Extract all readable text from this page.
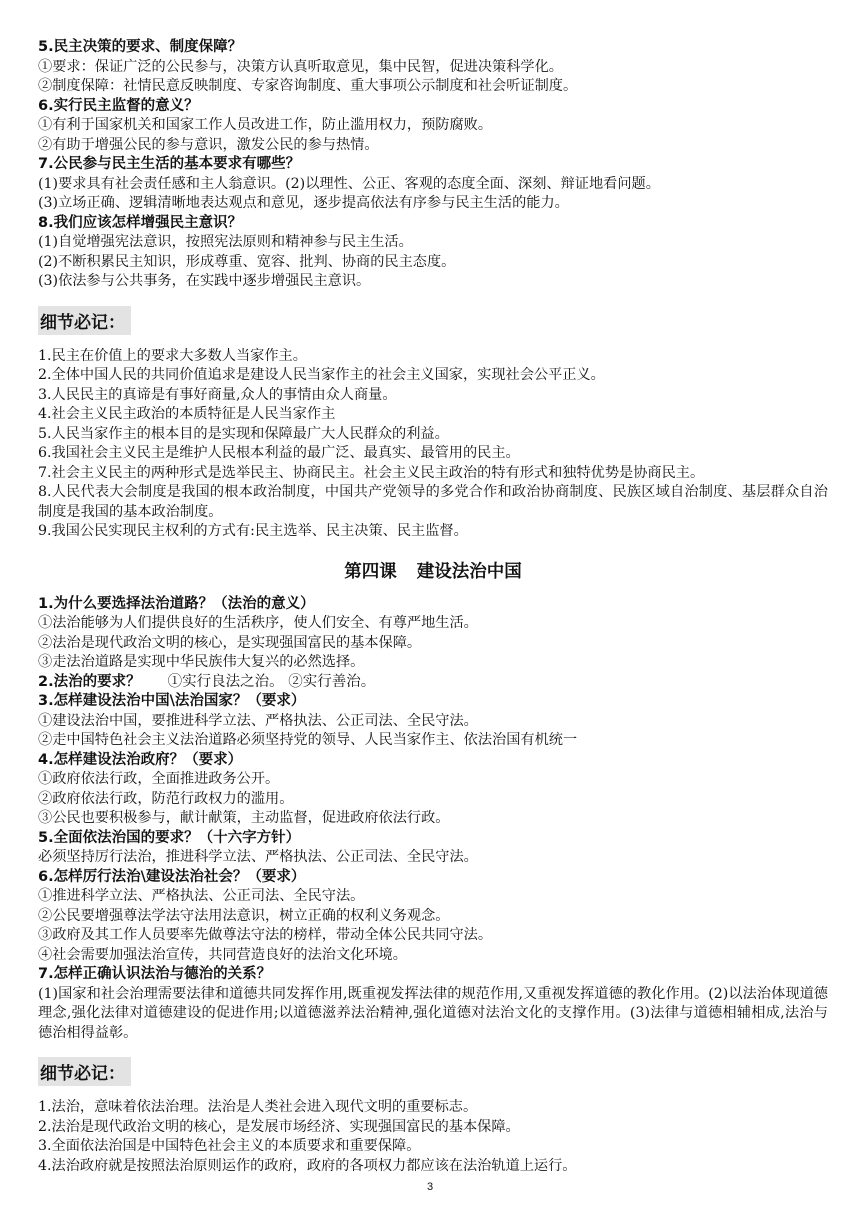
5.民主决策的要求、制度保障？
①要求：保证广泛的公民参与，决策方认真听取意见，集中民智，促进决策科学化。
②制度保障：社情民意反映制度、专家咨询制度、重大事项公示制度和社会听证制度。
6.实行民主监督的意义？
①有利于国家机关和国家工作人员改进工作，防止滥用权力，预防腐败。
②有助于增强公民的参与意识，激发公民的参与热情。
7.公民参与民主生活的基本要求有哪些？
(1)要求具有社会责任感和主人翁意识。(2)以理性、公正、客观的态度全面、深刻、辩证地看问题。
(3)立场正确、逻辑清晰地表达观点和意见，逐步提高依法有序参与民主生活的能力。
8.我们应该怎样增强民主意识？
(1)自觉增强宪法意识，按照宪法原则和精神参与民主生活。
(2)不断积累民主知识，形成尊重、宽容、批判、协商的民主态度。
(3)依法参与公共事务，在实践中逐步增强民主意识。
细节必记：
1.民主在价值上的要求大多数人当家作主。
2.全体中国人民的共同价值追求是建设人民当家作主的社会主义国家，实现社会公平正义。
3.人民民主的真谛是有事好商量,众人的事情由众人商量。
4.社会主义民主政治的本质特征是人民当家作主
5.人民当家作主的根本目的是实现和保障最广大人民群众的利益。
6.我国社会主义民主是维护人民根本利益的最广泛、最真实、最管用的民主。
7.社会主义民主的两种形式是选举民主、协商民主。社会主义民主政治的特有形式和独特优势是协商民主。
8.人民代表大会制度是我国的根本政治制度，中国共产党领导的多党合作和政治协商制度、民族区域自治制度、基层群众自治制度是我国的基本政治制度。
9.我国公民实现民主权利的方式有:民主选举、民主决策、民主监督。
第四课 建设法治中国
1.为什么要选择法治道路？（法治的意义）
①法治能够为人们提供良好的生活秩序，使人们安全、有尊严地生活。
②法治是现代政治文明的核心，是实现强国富民的基本保障。
③走法治道路是实现中华民族伟大复兴的必然选择。
2.法治的要求？ ①实行良法之治。 ②实行善治。
3.怎样建设法治中国\法治国家？（要求）
①建设法治中国，要推进科学立法、严格执法、公正司法、全民守法。
②走中国特色社会主义法治道路必须坚持党的领导、人民当家作主、依法治国有机统一
4.怎样建设法治政府？（要求）
①政府依法行政，全面推进政务公开。
②政府依法行政，防范行政权力的滥用。
③公民也要积极参与，献计献策，主动监督，促进政府依法行政。
5.全面依法治国的要求？（十六字方针）
必须坚持厉行法治，推进科学立法、严格执法、公正司法、全民守法。
6.怎样厉行法治\建设法治社会？（要求）
①推进科学立法、严格执法、公正司法、全民守法。
②公民要增强尊法学法守法用法意识，树立正确的权利义务观念。
③政府及其工作人员要率先做尊法守法的榜样，带动全体公民共同守法。
④社会需要加强法治宣传，共同营造良好的法治文化环境。
7.怎样正确认识法治与德治的关系？
(1)国家和社会治理需要法律和道德共同发挥作用,既重视发挥法律的规范作用,又重视发挥道德的教化作用。(2)以法治体现道德理念,强化法律对道德建设的促进作用;以道德滋养法治精神,强化道德对法治文化的支撑作用。(3)法律与道德相辅相成,法治与德治相得益彰。
细节必记：
1.法治，意味着依法治理。法治是人类社会进入现代文明的重要标志。
2.法治是现代政治文明的核心，是发展市场经济、实现强国富民的基本保障。
3.全面依法治国是中国特色社会主义的本质要求和重要保障。
4.法治政府就是按照法治原则运作的政府，政府的各项权力都应该在法治轨道上运行。
3
